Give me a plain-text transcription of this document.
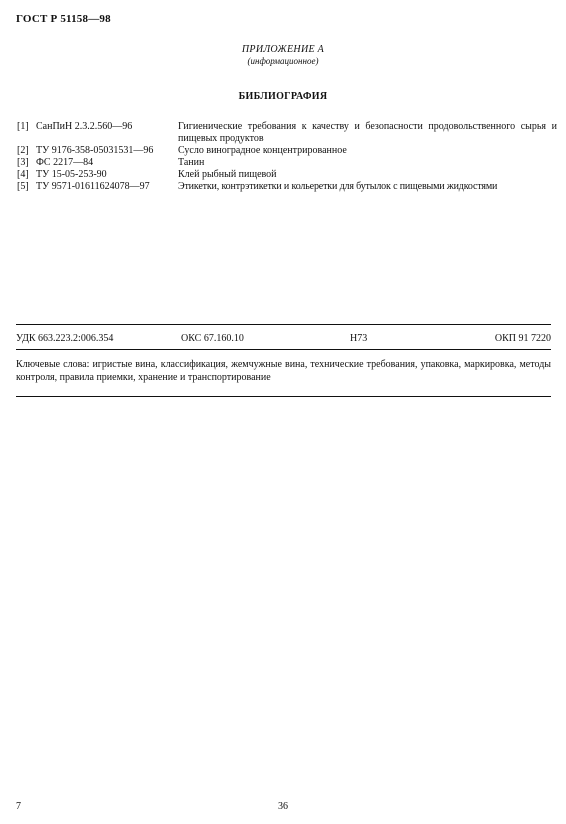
ГОСТ Р 51158—98
ПРИЛОЖЕНИЕ А
(информационное)
БИБЛИОГРАФИЯ
[1] СанПиН 2.3.2.560—96	Гигиенические требования к качеству и безопасности продовольственного сырья и пищевых продуктов
[2] ТУ 9176-358-05031531—96	Сусло виноградное концентрированное
[3] ФС 2217—84	Танин
[4] ТУ 15-05-253-90	Клей рыбный пищевой
[5] ТУ 9571-01611624078—97	Этикетки, контрэтикетки и кольеретки для бутылок с пищевыми жидкостями
УДК 663.223.2:006.354	ОКС 67.160.10	Н73	ОКП 91 7220
Ключевые слова: игристые вина, классификация, жемчужные вина, технические требования, упаковка, маркировка, методы контроля, правила приемки, хранение и транспортирование
7	36
